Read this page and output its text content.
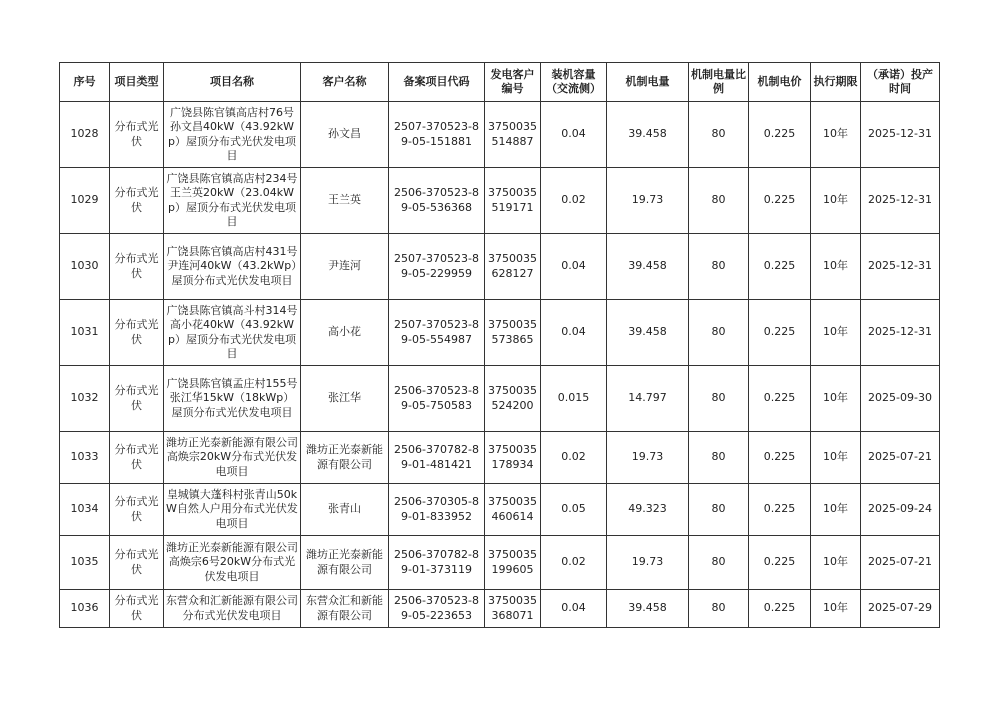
序号	项目类型	项目名称	客户名称	备案项目代码	发电客户编号	装机容量（交流侧）	机制电量	机制电量比例	机制电价	执行期限	（承诺）投产时间
1028	分布式光伏	广饶县陈官镇高店村76号孙文昌40kW（43.92kWp）屋顶分布式光伏发电项目	孙文昌	2507-370523-89-05-151881	3750035514887	0.04	39.458	80	0.225	10年	2025-12-31
1029	分布式光伏	广饶县陈官镇高店村234号王兰英20kW（23.04kWp）屋顶分布式光伏发电项目	王兰英	2506-370523-89-05-536368	3750035519171	0.02	19.73	80	0.225	10年	2025-12-31
1030	分布式光伏	广饶县陈官镇高店村431号尹连河40kW（43.2kWp）屋顶分布式光伏发电项目	尹连河	2507-370523-89-05-229959	3750035628127	0.04	39.458	80	0.225	10年	2025-12-31
1031	分布式光伏	广饶县陈官镇高斗村314号高小花40kW（43.92kWp）屋顶分布式光伏发电项目	高小花	2507-370523-89-05-554987	3750035573865	0.04	39.458	80	0.225	10年	2025-12-31
1032	分布式光伏	广饶县陈官镇孟庄村155号张江华15kW（18kWp）屋顶分布式光伏发电项目	张江华	2506-370523-89-05-750583	3750035524200	0.015	14.797	80	0.225	10年	2025-09-30
1033	分布式光伏	潍坊正光泰新能源有限公司高焕宗20kW分布式光伏发电项目	潍坊正光泰新能源有限公司	2506-370782-89-01-481421	3750035178934	0.02	19.73	80	0.225	10年	2025-07-21
1034	分布式光伏	皇城镇大蓬科村张青山50kW自然人户用分布式光伏发电项目	张青山	2506-370305-89-01-833952	3750035460614	0.05	49.323	80	0.225	10年	2025-09-24
1035	分布式光伏	潍坊正光泰新能源有限公司高焕宗6号20kW分布式光伏发电项目	潍坊正光泰新能源有限公司	2506-370782-89-01-373119	3750035199605	0.02	19.73	80	0.225	10年	2025-07-21
1036	分布式光伏	东营众和汇新能源有限公司分布式光伏发电项目	东营众汇和新能源有限公司	2506-370523-89-05-223653	3750035368071	0.04	39.458	80	0.225	10年	2025-07-29
